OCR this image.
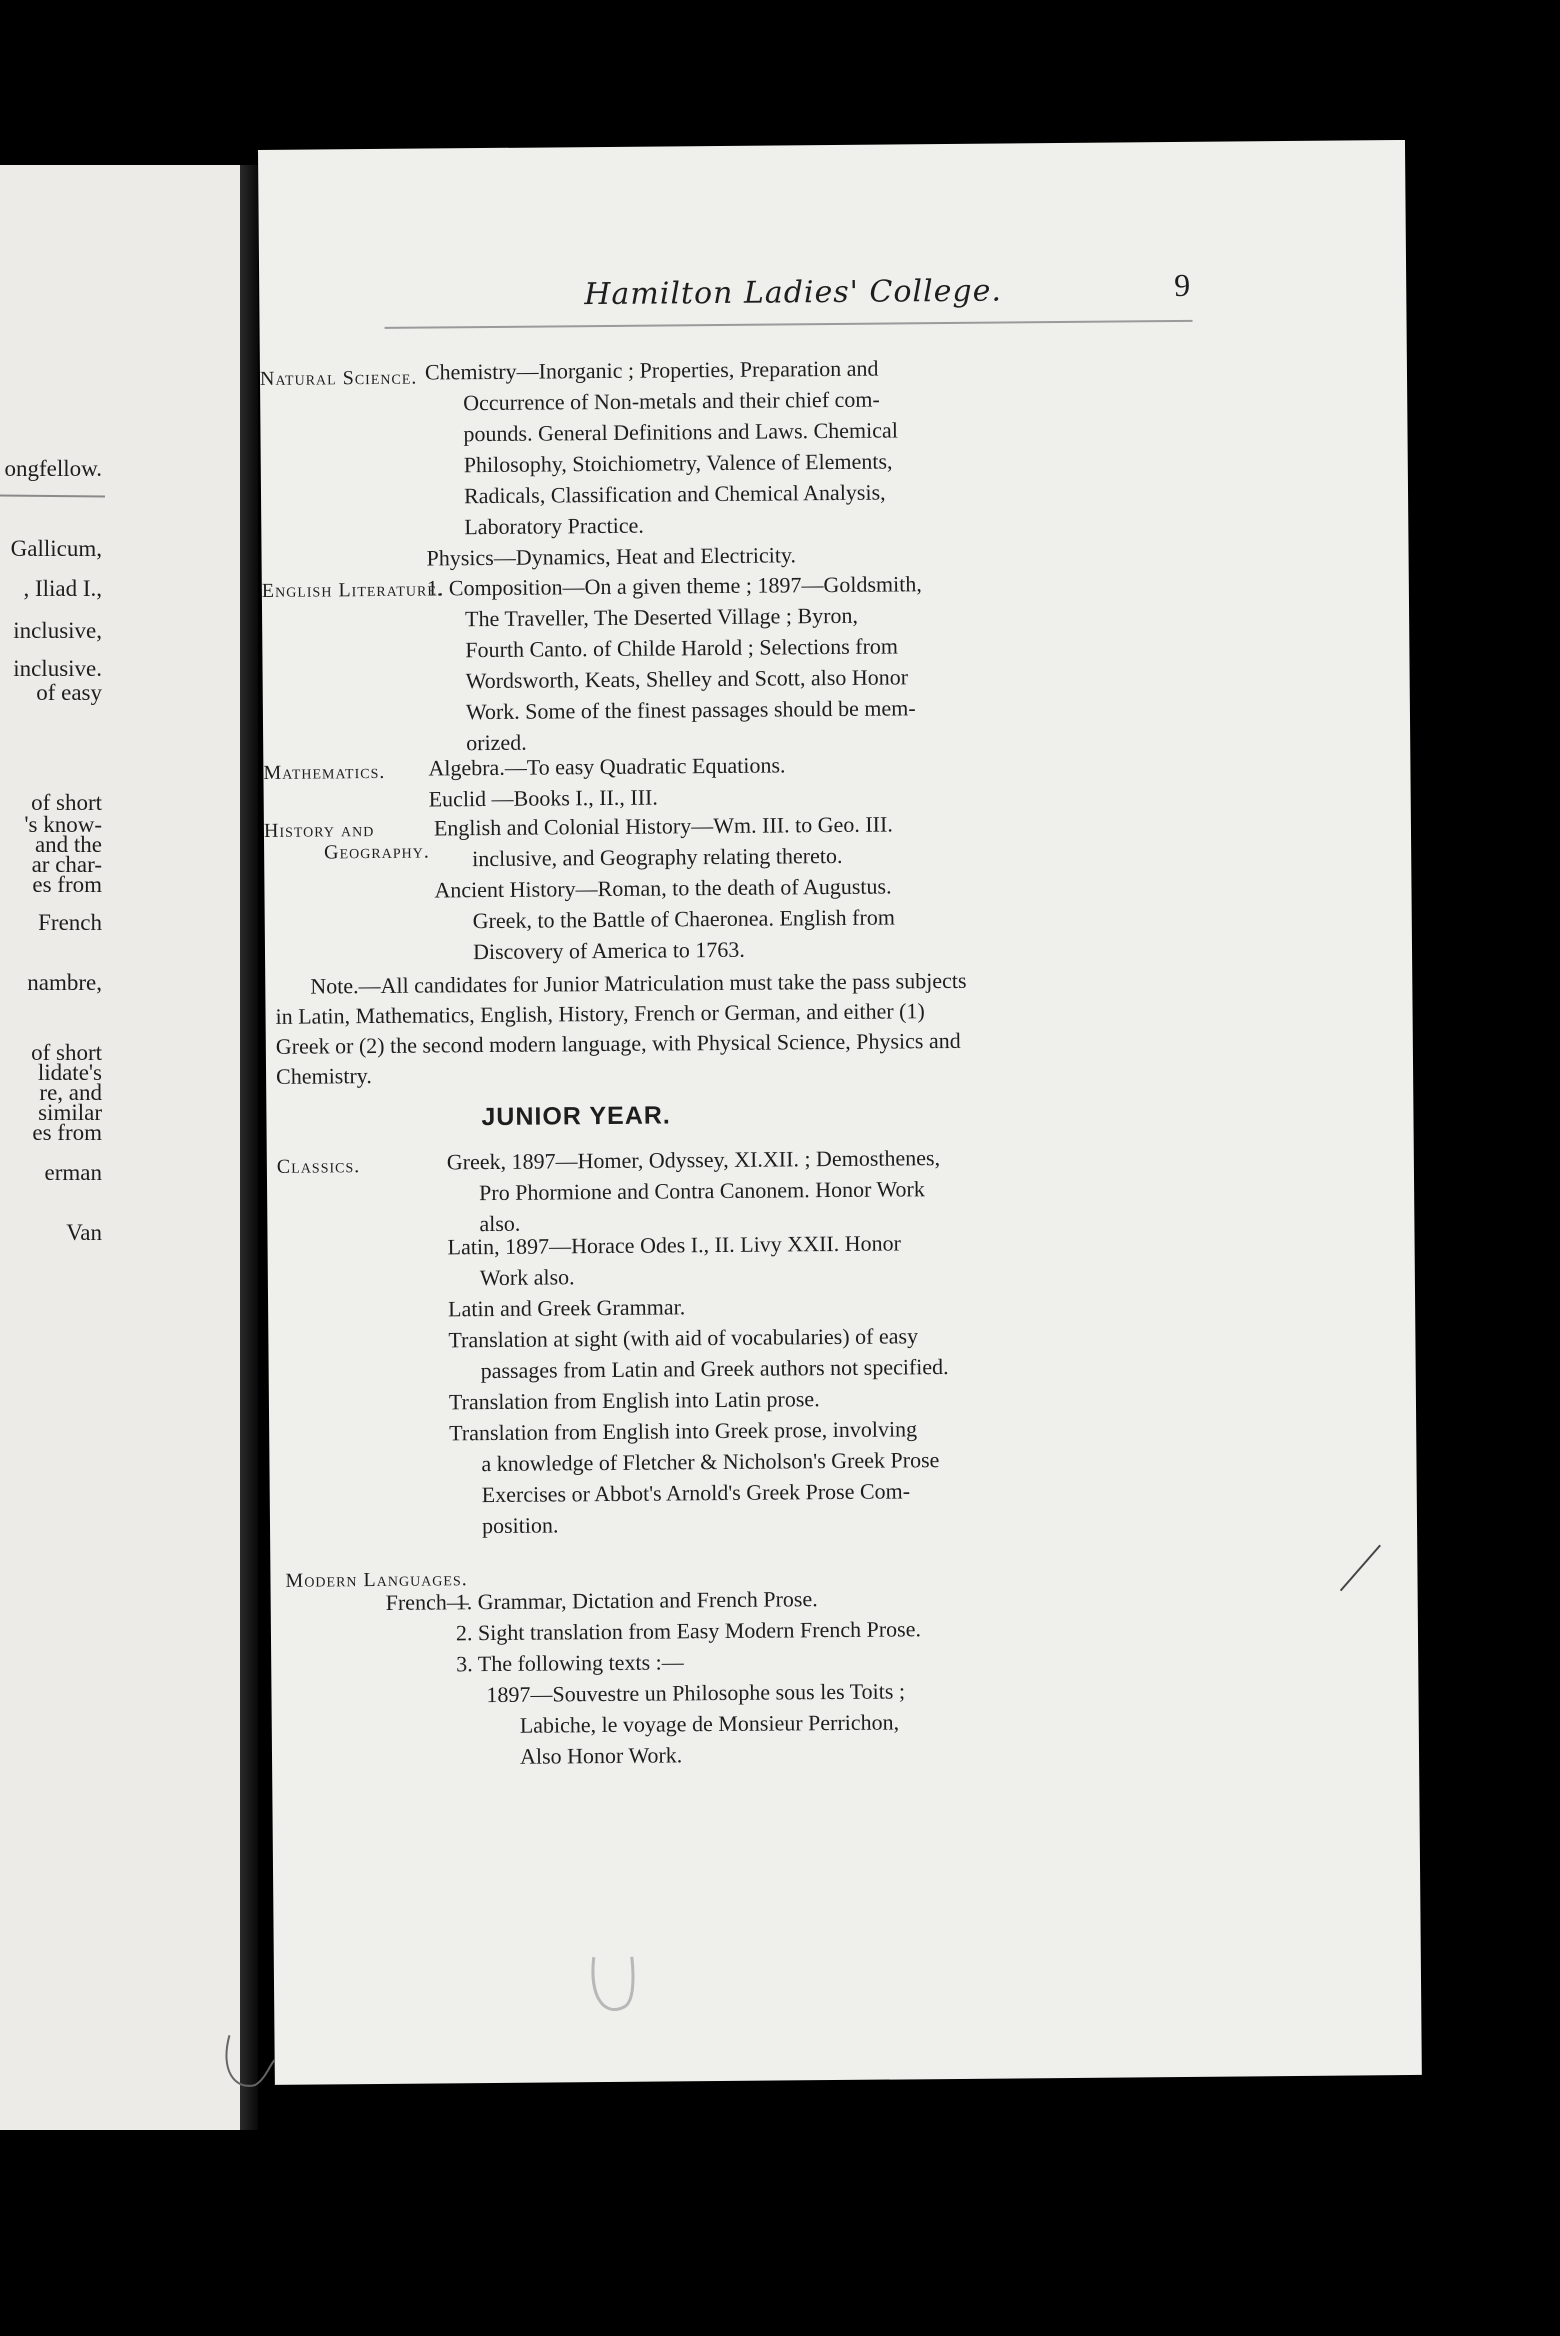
ongfellow.
Gallicum,
, Iliad I.,
inclusive,
inclusive.
of easy
of short
's know-
and the
ar char-
es from
French
nambre,
of short
lidate's
re, and
similar
es from
erman
Van
Hamilton Ladies' College.	9
Natural Science. Chemistry—Inorganic ; Properties, Preparation and
Occurrence of Non-metals and their chief com-
pounds. General Definitions and Laws. Chemical
Philosophy, Stoichiometry, Valence of Elements,
Radicals, Classification and Chemical Analysis,
Laboratory Practice.
Physics—Dynamics, Heat and Electricity.
English Literature.
1. Composition—On a given theme ; 1897—Goldsmith,
The Traveller, The Deserted Village ; Byron,
Fourth Canto. of Childe Harold ; Selections from
Wordsworth, Keats, Shelley and Scott, also Honor
Work. Some of the finest passages should be mem-
orized.
Mathematics. Algebra.—To easy Quadratic Equations.
Euclid —Books I., II., III.
History and
Geography.
English and Colonial History—Wm. III. to Geo. III.
inclusive, and Geography relating thereto.
Ancient History—Roman, to the death of Augustus.
Greek, to the Battle of Chaeronea. English from
Discovery of America to 1763.
Note.—All candidates for Junior Matriculation must take the pass subjects
in Latin, Mathematics, English, History, French or German, and either (1)
Greek or (2) the second modern language, with Physical Science, Physics and
Chemistry.
JUNIOR YEAR.
Classics.	Greek, 1897—Homer, Odyssey, XI.XII. ; Demosthenes,
Pro Phormione and Contra Canonem. Honor Work
also.
Latin, 1897—Horace Odes I., II. Livy XXII. Honor
Work also.
Latin and Greek Grammar.
Translation at sight (with aid of vocabularies) of easy
passages from Latin and Greek authors not specified.
Translation from English into Latin prose.
Translation from English into Greek prose, involving
a knowledge of Fletcher & Nicholson's Greek Prose
Exercises or Abbot's Arnold's Greek Prose Com-
position.
Modern Languages.
French—
1. Grammar, Dictation and French Prose.
2. Sight translation from Easy Modern French Prose.
3. The following texts :—
1897—Souvestre un Philosophe sous les Toits ;
Labiche, le voyage de Monsieur Perrichon,
Also Honor Work.
